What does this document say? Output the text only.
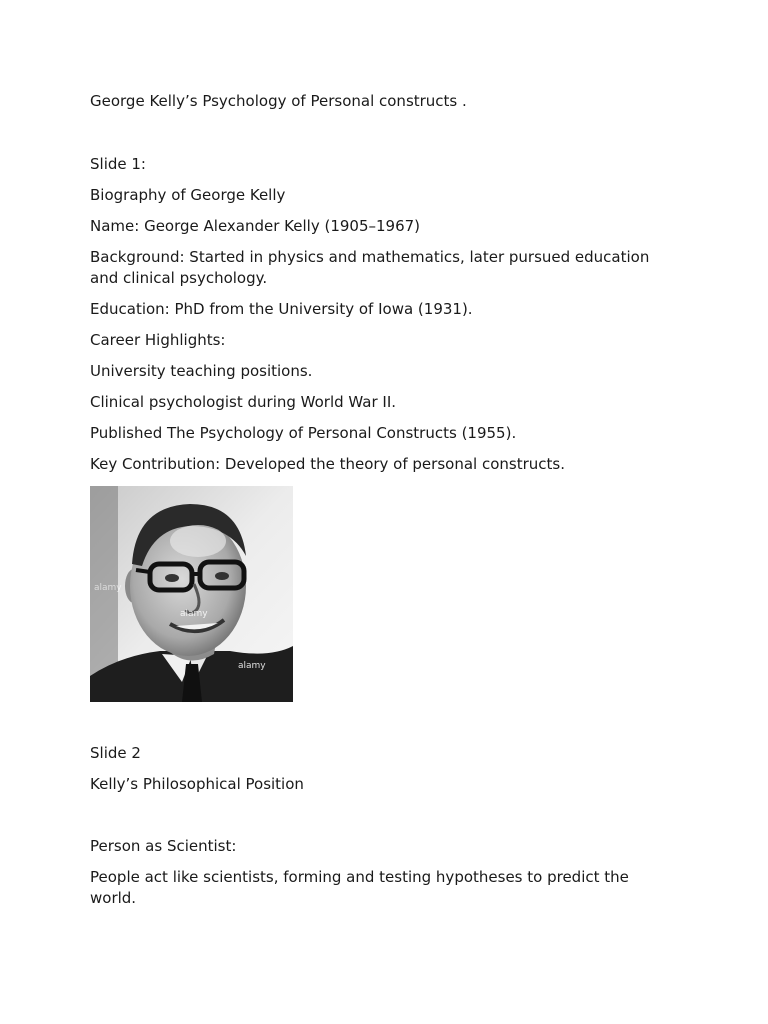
George Kelly’s Psychology of Personal constructs .

Slide 1:

Biography of George Kelly

Name: George Alexander Kelly (1905–1967)

Background: Started in physics and mathematics, later pursued education and clinical psychology.

Education: PhD from the University of Iowa (1931).

Career Highlights:

University teaching positions.

Clinical psychologist during World War II.

Published The Psychology of Personal Constructs (1955).

Key Contribution: Developed the theory of personal constructs.

alamy
alamy
alamy

Slide 2

Kelly’s Philosophical Position

Person as Scientist:

People act like scientists, forming and testing hypotheses to predict the world.
